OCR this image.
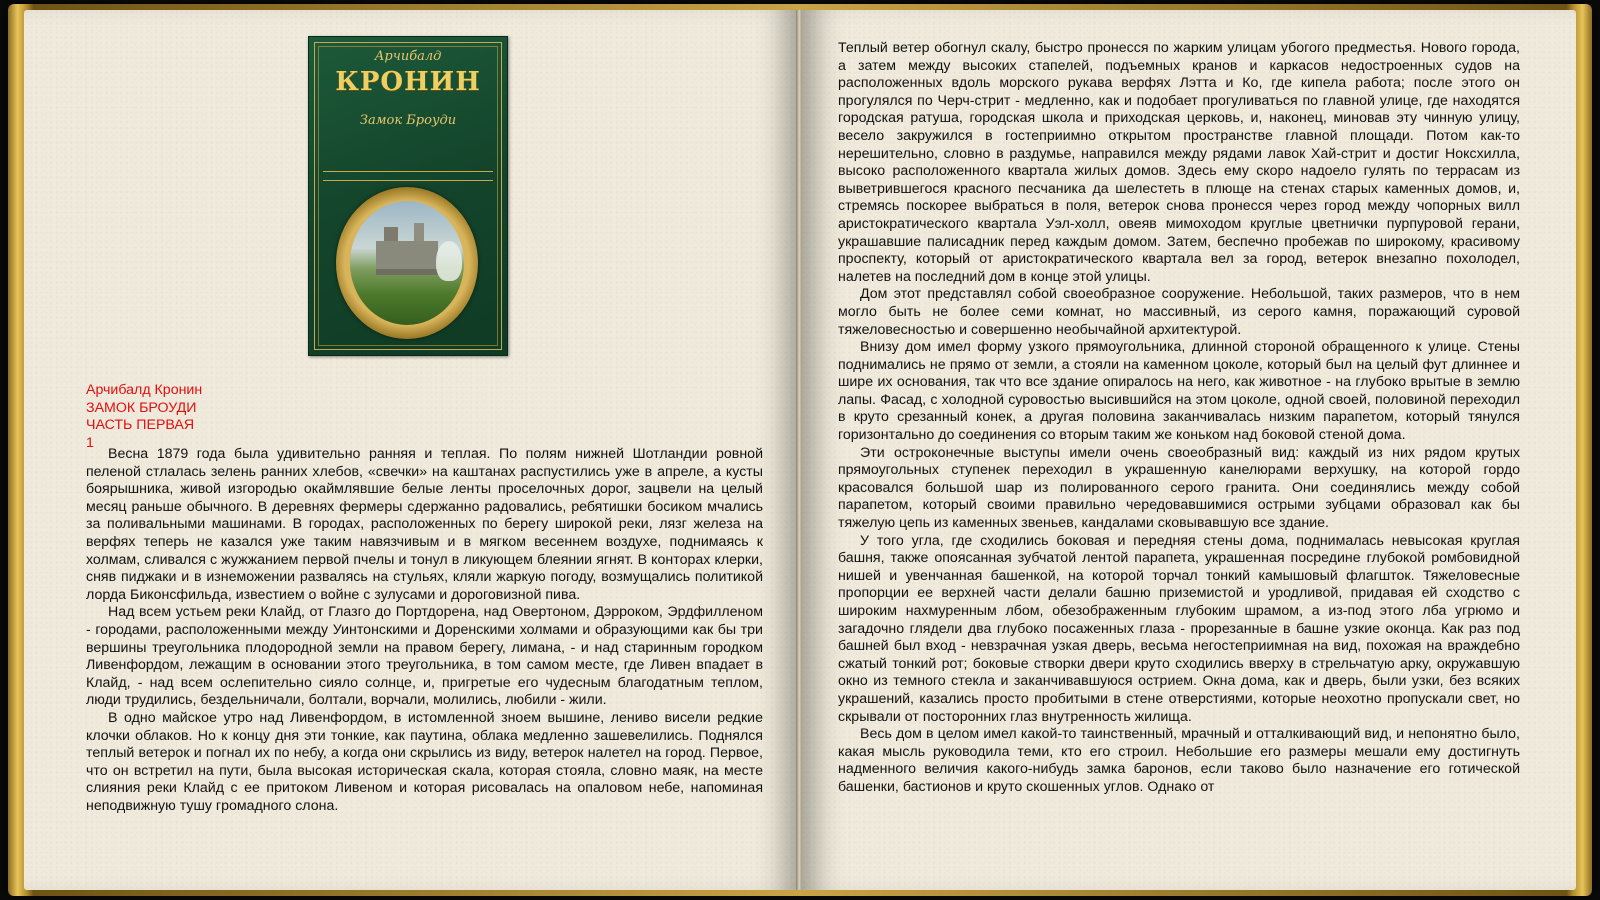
Арчибалд
КРОНИН
Замок Броуди
Арчибалд Кронин
ЗАМОК БРОУДИ
ЧАСТЬ ПЕРВАЯ
1

Весна 1879 года была удивительно ранняя и теплая. По полям нижней Шотландии ровной пеленой стлалась зелень ранних хлебов, «свечки» на каштанах распустились уже в апреле, а кусты боярышника, живой изгородью окаймлявшие белые ленты проселочных дорог, зацвели на целый месяц раньше обычного. В деревнях фермеры сдержанно радовались, ребятишки босиком мчались за поливальными машинами. В городах, расположенных по берегу широкой реки, лязг железа на верфях теперь не казался уже таким навязчивым и в мягком весеннем воздухе, поднимаясь к холмам, сливался с жужжанием первой пчелы и тонул в ликующем блеянии ягнят. В конторах клерки, сняв пиджаки и в изнеможении развалясь на стульях, кляли жаркую погоду, возмущались политикой лорда Биконсфильда, известием о войне с зулусами и дороговизной пива.

Над всем устьем реки Клайд, от Глазго до Портдорена, над Овертоном, Дэрроком, Эрдфилленом - городами, расположенными между Уинтонскими и Доренскими холмами и образующими как бы три вершины треугольника плодородной земли на правом берегу, лимана, - и над старинным городком Ливенфордом, лежащим в основании этого треугольника, в том самом месте, где Ливен впадает в Клайд, - над всем ослепительно сияло солнце, и, пригретые его чудесным благодатным теплом, люди трудились, бездельничали, болтали, ворчали, молились, любили - жили.

В одно майское утро над Ливенфордом, в истомленной зноем вышине, лениво висели редкие клочки облаков. Но к концу дня эти тонкие, как паутина, облака медленно зашевелились. Поднялся теплый ветерок и погнал их по небу, а когда они скрылись из виду, ветерок налетел на город. Первое, что он встретил на пути, была высокая историческая скала, которая стояла, словно маяк, на месте слияния реки Клайд с ее притоком Ливеном и которая рисовалась на опаловом небе, напоминая неподвижную тушу громадного слона.

Теплый ветер обогнул скалу, быстро пронесся по жарким улицам убогого предместья. Нового города, а затем между высоких стапелей, подъемных кранов и каркасов недостроенных судов на расположенных вдоль морского рукава верфях Лэтта и Ко, где кипела работа; после этого он прогулялся по Черч-стрит - медленно, как и подобает прогуливаться по главной улице, где находятся городская ратуша, городская школа и приходская церковь, и, наконец, миновав эту чинную улицу, весело закружился в гостеприимно открытом пространстве главной площади. Потом как-то нерешительно, словно в раздумье, направился между рядами лавок Хай-стрит и достиг Ноксхилла, высоко расположенного квартала жилых домов. Здесь ему скоро надоело гулять по террасам из выветрившегося красного песчаника да шелестеть в плюще на стенах старых каменных домов, и, стремясь поскорее выбраться в поля, ветерок снова пронесся через город между чопорных вилл аристократического квартала Уэл-холл, овеяв мимоходом круглые цветнички пурпуровой герани, украшавшие палисадник перед каждым домом. Затем, беспечно пробежав по широкому, красивому проспекту, который от аристократического квартала вел за город, ветерок внезапно похолодел, налетев на последний дом в конце этой улицы.

Дом этот представлял собой своеобразное сооружение. Небольшой, таких размеров, что в нем могло быть не более семи комнат, но массивный, из серого камня, поражающий суровой тяжеловесностью и совершенно необычайной архитектурой.

Внизу дом имел форму узкого прямоугольника, длинной стороной обращенного к улице. Стены поднимались не прямо от земли, а стояли на каменном цоколе, который был на целый фут длиннее и шире их основания, так что все здание опиралось на него, как животное - на глубоко врытые в землю лапы. Фасад, с холодной суровостью высившийся на этом цоколе, одной своей, половиной переходил в круто срезанный конек, а другая половина заканчивалась низким парапетом, который тянулся горизонтально до соединения со вторым таким же коньком над боковой стеной дома.

Эти остроконечные выступы имели очень своеобразный вид: каждый из них рядом крутых прямоугольных ступенек переходил в украшенную канелюрами верхушку, на которой гордо красовался большой шар из полированного серого гранита. Они соединялись между собой парапетом, который своими правильно чередовавшимися острыми зубцами образовал как бы тяжелую цепь из каменных звеньев, кандалами сковывавшую все здание.

У того угла, где сходились боковая и передняя стены дома, поднималась невысокая круглая башня, также опоясанная зубчатой лентой парапета, украшенная посредине глубокой ромбовидной нишей и увенчанная башенкой, на которой торчал тонкий камышовый флагшток. Тяжеловесные пропорции ее верхней части делали башню приземистой и уродливой, придавая ей сходство с широким нахмуренным лбом, обезображенным глубоким шрамом, а из-под этого лба угрюмо и загадочно глядели два глубоко посаженных глаза - прорезанные в башне узкие оконца. Как раз под башней был вход - невзрачная узкая дверь, весьма негостеприимная на вид, похожая на враждебно сжатый тонкий рот; боковые створки двери круто сходились вверху в стрельчатую арку, окружавшую окно из темного стекла и заканчивавшуюся острием. Окна дома, как и дверь, были узки, без всяких украшений, казались просто пробитыми в стене отверстиями, которые неохотно пропускали свет, но скрывали от посторонних глаз внутренность жилища.

Весь дом в целом имел какой-то таинственный, мрачный и отталкивающий вид, и непонятно было, какая мысль руководила теми, кто его строил. Небольшие его размеры мешали ему достигнуть надменного величия какого-нибудь замка баронов, если таково было назначение его готической башенки, бастионов и круто скошенных углов. Однако от
